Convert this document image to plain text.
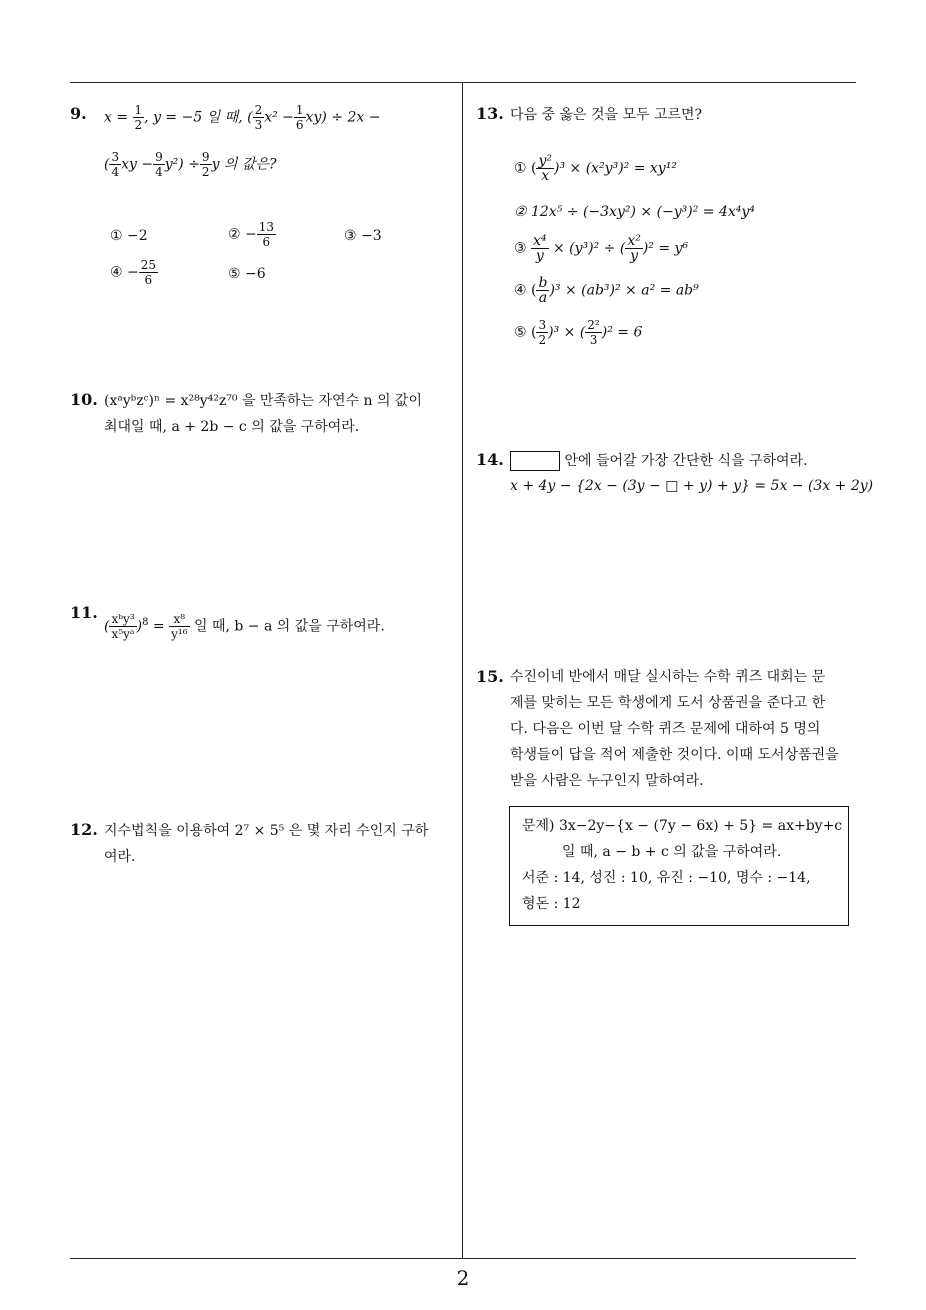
9. $x = \frac{1}{2}$ , y = −5 일 때, ( $\frac{2}{3} x^2 - \frac{1}{6} xy) \div 2x$ −
( $\frac{3}{4}$ xy − $\frac{9}{4} y^2) \div \frac{9}{2}$ y 의 값은?
① −2	② − $\frac{13}{6}$	③ −3
④ − $\frac{25}{6}$	⑤ −6
10. (xᵃyᵇzᶜ)ⁿ = x²⁸y⁴²z⁷⁰ 을 만족하는 자연수 n 의 값이
최대일 때, a + 2b − c 의 값을 구하여라.
11.
( $\frac{\text{xᵇy³}}{\text{x⁵yᵃ}} )^8 = \frac{\text{x⁸}}{\text{y¹⁶}}$ 일 때, b − a 의 값을 구하여라.
12. 지수법칙을 이용하여 2⁷ × 5⁵ 은 몇 자리 수인지 구하
여라.
13. 다음 중 옳은 것을 모두 고르면?
① ( $\frac{\text{y²}}{x} )^3 \times (x^2y^3)^2 = xy^{12}$
② 12x⁵ ÷ (−3xy²) × (−y³)² = 4x⁴y⁴
③ $\frac{\text{x⁴}}{y} \times (y^3)^2$ ÷ ( $\frac{\text{x²}}{y} )^2 = y^6$
④ ( $\frac{b}{a} )^3 \times (ab^3)^2 \times a^2 = ab^9$
⑤ ( $\frac{3}{2} )^3$ × ( $\frac{\text{2²}}{3} )^2 = 6$
14.	안에 들어갈 가장 간단한 식을 구하여라.
x + 4y − {2x − (3y − □ + y) + y} = 5x − (3x + 2y)
15. 수진이네 반에서 매달 실시하는 수학 퀴즈 대회는 문
제를 맞히는 모든 학생에게 도서 상품권을 준다고 한
다. 다음은 이번 달 수학 퀴즈 문제에 대하여 5 명의
학생들이 답을 적어 제출한 것이다. 이때 도서상품권을
받을 사람은 누구인지 말하여라.
문제) 3x−2y−{x − (7y − 6x) + 5} = ax+by+c
일 때, a − b + c 의 값을 구하여라.
서준 : 14, 성진 : 10, 유진 : −10, 명수 : −14,
형돈 : 12
2
